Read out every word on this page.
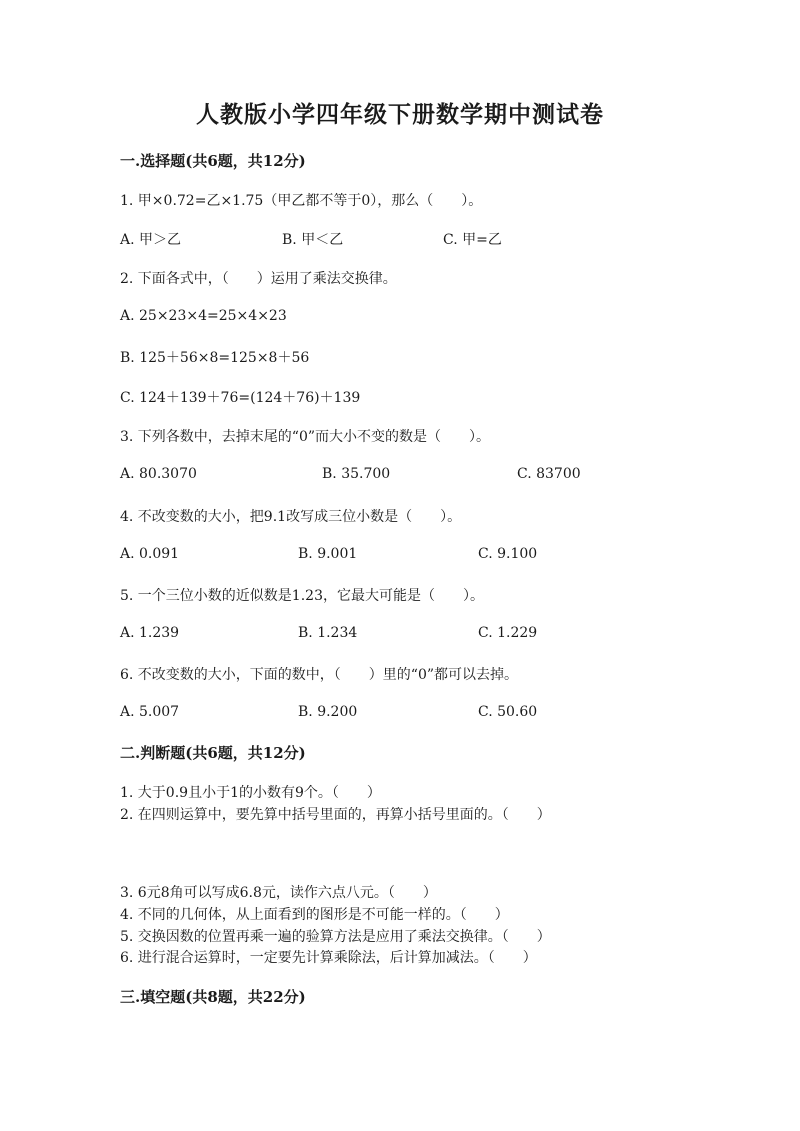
人教版小学四年级下册数学期中测试卷
一.选择题(共6题，共12分)
1. 甲×0.72=乙×1.75（甲乙都不等于0），那么（　　）。
A. 甲＞乙	B. 甲＜乙	C. 甲=乙
2. 下面各式中，（　　）运用了乘法交换律。
A. 25×23×4=25×4×23
B. 125＋56×8=125×8＋56
C. 124＋139＋76=(124＋76)＋139
3. 下列各数中，去掉末尾的“0”而大小不变的数是（　　）。
A. 80.3070	B. 35.700	C. 83700
4. 不改变数的大小，把9.1改写成三位小数是（　　）。
A. 0.091	B. 9.001	C. 9.100
5. 一个三位小数的近似数是1.23，它最大可能是（　　）。
A. 1.239	B. 1.234	C. 1.229
6. 不改变数的大小，下面的数中，（　　）里的“0”都可以去掉。
A. 5.007	B. 9.200	C. 50.60
二.判断题(共6题，共12分)
1. 大于0.9且小于1的小数有9个。（　　）
2. 在四则运算中，要先算中括号里面的，再算小括号里面的。（　　）
3. 6元8角可以写成6.8元，读作六点八元。（　　）
4. 不同的几何体，从上面看到的图形是不可能一样的。（　　）
5. 交换因数的位置再乘一遍的验算方法是应用了乘法交换律。（　　）
6. 进行混合运算时，一定要先计算乘除法，后计算加减法。（　　）
三.填空题(共8题，共22分)
